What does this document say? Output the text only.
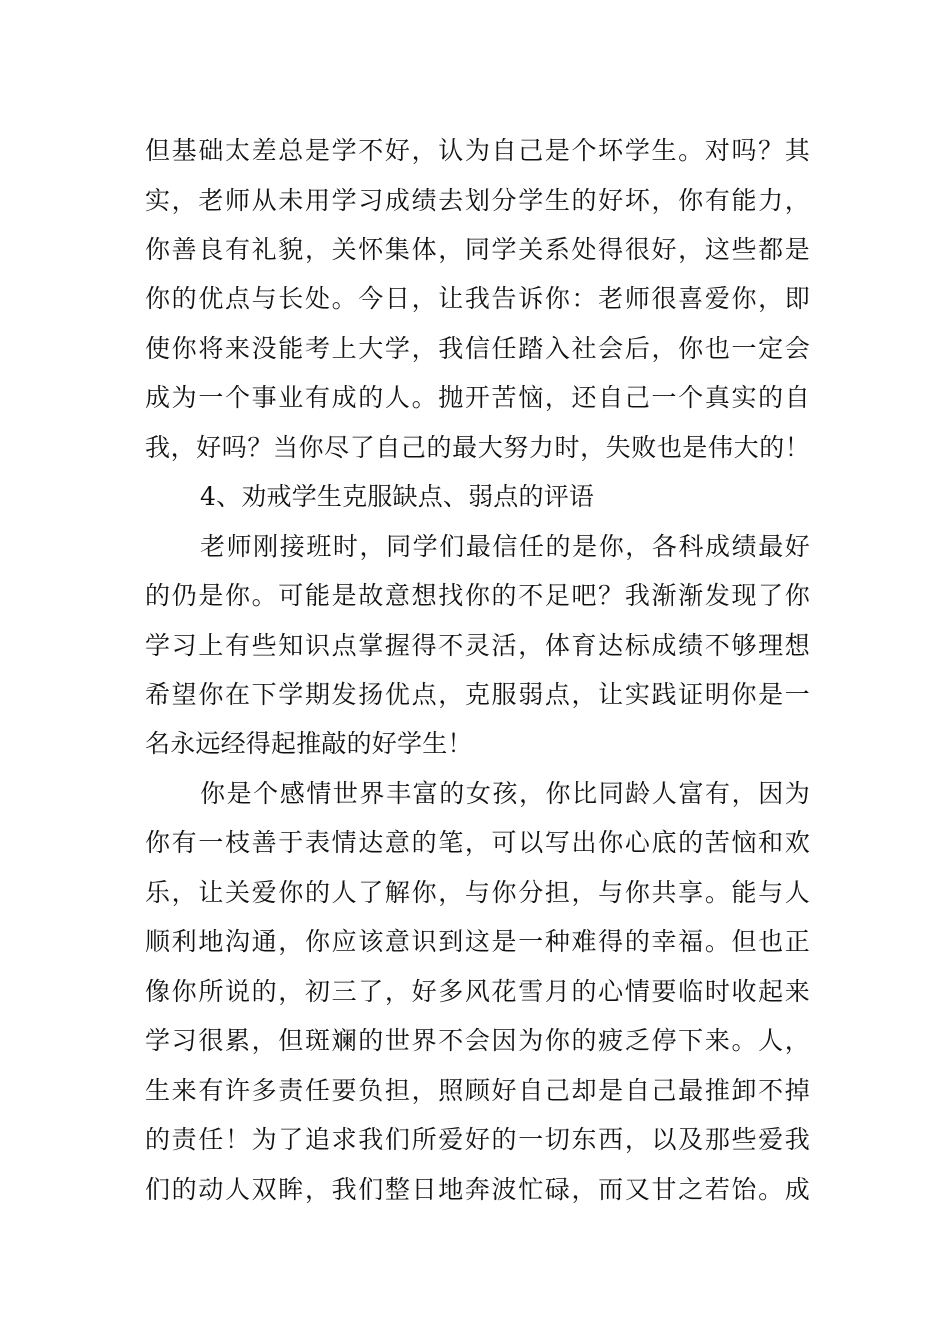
但基础太差总是学不好，认为自己是个坏学生。对吗？其
实，老师从未用学习成绩去划分学生的好坏，你有能力，
你善良有礼貌，关怀集体，同学关系处得很好，这些都是
你的优点与长处。今日，让我告诉你：老师很喜爱你，即
使你将来没能考上大学，我信任踏入社会后，你也一定会
成为一个事业有成的人。抛开苦恼，还自己一个真实的自
我，好吗？当你尽了自己的最大努力时，失败也是伟大的！
4、劝戒学生克服缺点、弱点的评语
老师刚接班时，同学们最信任的是你，各科成绩最好
的仍是你。可能是故意想找你的不足吧？我渐渐发现了你
学习上有些知识点掌握得不灵活，体育达标成绩不够理想
希望你在下学期发扬优点，克服弱点，让实践证明你是一
名永远经得起推敲的好学生！
你是个感情世界丰富的女孩，你比同龄人富有，因为
你有一枝善于表情达意的笔，可以写出你心底的苦恼和欢
乐，让关爱你的人了解你，与你分担，与你共享。能与人
顺利地沟通，你应该意识到这是一种难得的幸福。但也正
像你所说的，初三了，好多风花雪月的心情要临时收起来
学习很累，但斑斓的世界不会因为你的疲乏停下来。人，
生来有许多责任要负担，照顾好自己却是自己最推卸不掉
的责任！为了追求我们所爱好的一切东西，以及那些爱我
们的动人双眸，我们整日地奔波忙碌，而又甘之若饴。成
